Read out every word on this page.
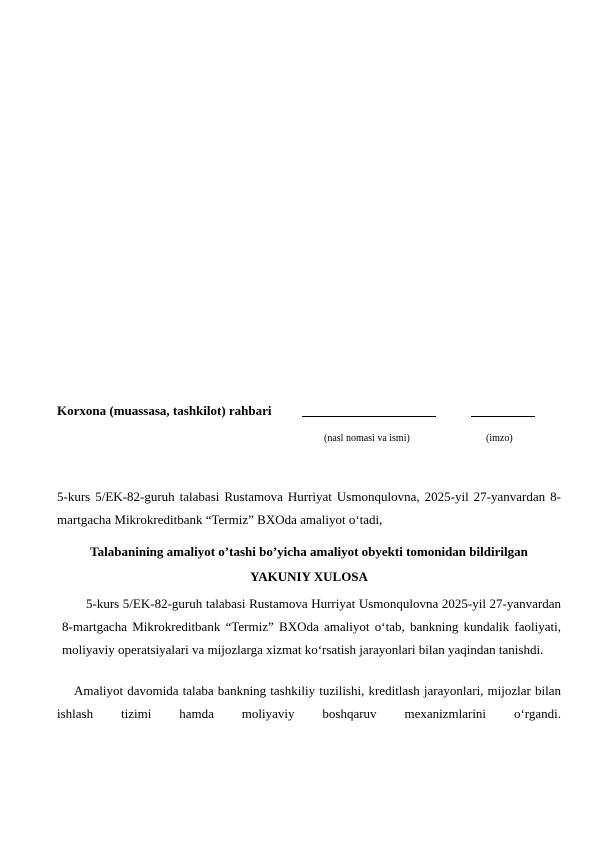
Korxona (muassasa, tashkilot) rahbari
(nasl nomasi va ismi)	(imzo)
5-kurs 5/EK-82-guruh talabasi Rustamova Hurriyat Usmonqulovna, 2025-yil 27-yanvardan 8-martgacha Mikrokreditbank “Termiz” BXOda amaliyot o‘tadi,
Talabanining amaliyot o’tashi bo’yicha amaliyot obyekti tomonidan bildirilgan
YAKUNIY XULOSA
5-kurs 5/EK-82-guruh talabasi Rustamova Hurriyat Usmonqulovna 2025-yil 27-yanvardan 8-martgacha Mikrokreditbank “Termiz” BXOda amaliyot o‘tab, bankning kundalik faoliyati, moliyaviy operatsiyalari va mijozlarga xizmat ko‘rsatish jarayonlari bilan yaqindan tanishdi.
Amaliyot davomida talaba bankning tashkiliy tuzilishi, kreditlash jarayonlari, mijozlar bilan ishlash tizimi hamda moliyaviy boshqaruv mexanizmlarini o‘rgandi.
